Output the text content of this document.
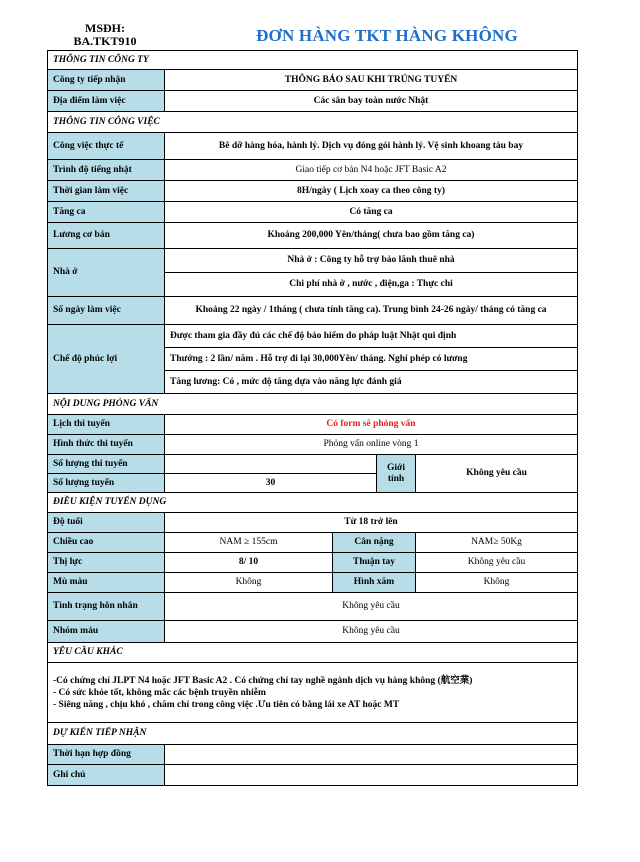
MSĐH:
BA.TKT910	ĐƠN HÀNG TKT HÀNG KHÔNG
THÔNG TIN CÔNG TY				
Công ty tiếp nhận	THÔNG BÁO SAU KHI TRÚNG TUYỂN			
Địa điểm làm việc	Các sân bay toàn nước Nhật			
THÔNG TIN CÔNG VIỆC				
Công việc thực tế	Bê dỡ hàng hóa, hành lý. Dịch vụ đóng gói hành lý. Vệ sinh khoang tàu bay			
Trình độ tiếng nhật	Giao tiếp cơ bản N4 hoặc JFT Basic A2			
Thời gian làm việc	8H/ngày ( Lịch xoay ca theo công ty)			
Tăng ca	Có tăng ca			
Lương cơ bản	Khoảng 200,000 Yên/tháng( chưa bao gồm tăng ca)			
Nhà ở	Nhà ở : Công ty hỗ trợ bảo lãnh thuê nhà
Chi phí nhà ở , nước , điện,ga : Thực chi			

Số ngày làm việc	Khoảng 22 ngày / 1tháng ( chưa tính tăng ca). Trung bình 24-26 ngày/ tháng có tăng ca			
Chế độ phúc lợi	Được tham gia đầy đủ các chế độ bảo hiểm do pháp luật Nhật qui định
Thưởng : 2 lần/ năm . Hỗ trợ đi lại 30,000Yên/ tháng. Nghỉ phép có lương
Tăng lương: Có , mức độ tăng dựa vào năng lực đánh giá			

NỘI DUNG PHỎNG VẤN				
Lịch thi tuyển	Có form sẽ phỏng vấn			
Hình thức thi tuyển	Phỏng vấn online vòng 1			
Số lượng thi tuyển			Giới tính	Không yêu cầu
Số lượng tuyển	30			
ĐIỀU KIỆN TUYỂN DỤNG				
Độ tuổi	Từ 18 trở lên			
Chiều cao	NAM ≥ 155cm	Cân nặng		NAM≥ 50Kg
Thị lực	8/ 10	Thuận tay		Không yêu cầu
Mù màu	Không	Hình xăm		Không
Tình trạng hôn nhân	Không yêu cầu			
Nhóm máu	Không yêu cầu			
YÊU CẦU KHÁC				

-Có chứng chỉ JLPT N4 hoặc JFT Basic A2 . Có chứng chỉ tay nghề ngành dịch vụ hàng không (航空業)
- Có sức khỏe tốt, không mắc các bệnh truyền nhiễm
- Siêng năng , chịu khó , chăm chỉ trong công việc .Ưu tiên có bằng lái xe AT hoặc MT				

DỰ KIẾN TIẾP NHẬN				
Thời hạn hợp đồng				
Ghi chú				
